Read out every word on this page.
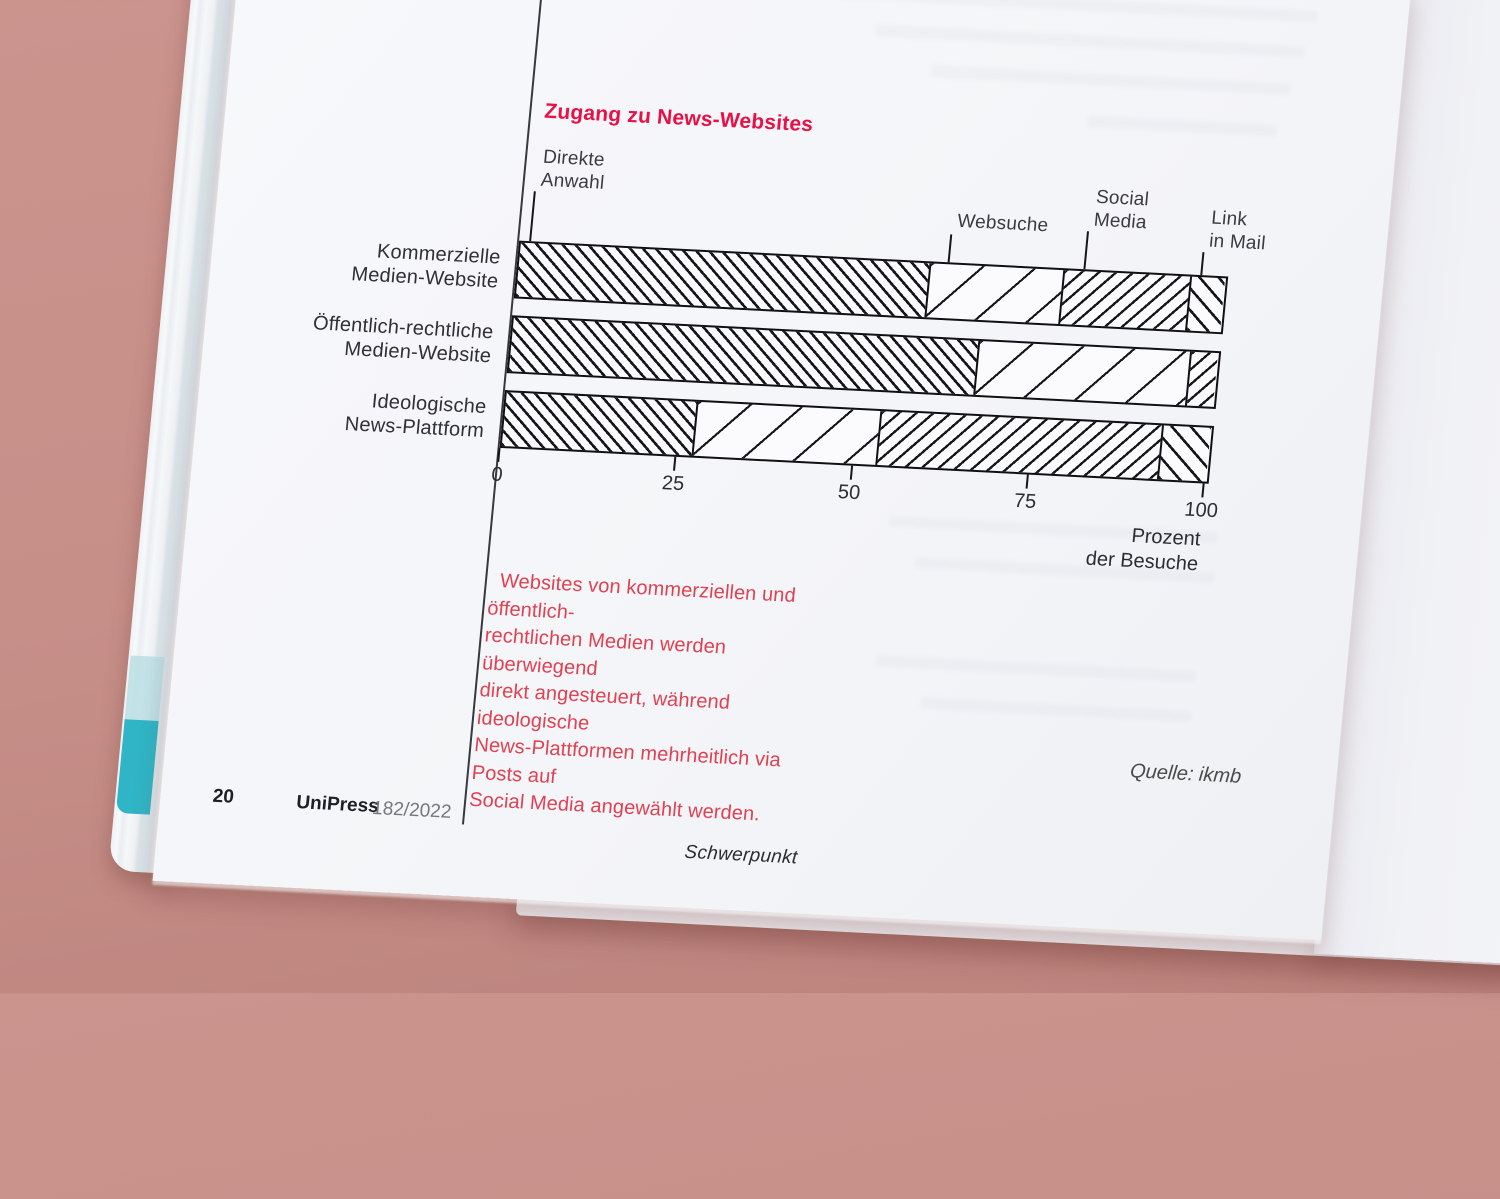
Zugang zu News-Websites
Kommerzielle
Medien-Website
Öffentlich-rechtliche
Medien-Website
Ideologische
News-Plattform
Direkte
Anwahl
Websuche
Social
Media	Link
in Mail
0	25	50	75	100
Prozent
der Besuche
Websites von kommerziellen und öffentlich-
rechtlichen Medien werden überwiegend
direkt angesteuert, während ideologische
News-Plattformen mehrheitlich via Posts auf
Social Media angewählt werden.
Quelle: ikmb
20	UniPress
182/2022
Schwerpunkt
